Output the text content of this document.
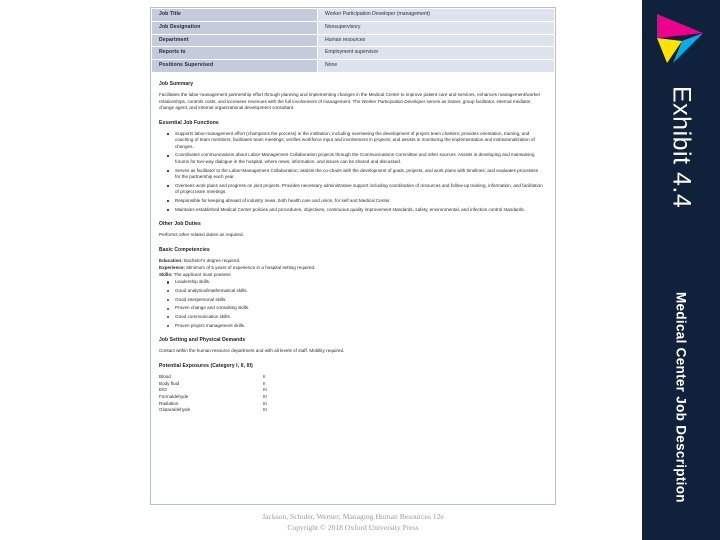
Job Title	Worker Participation Developer (management)
Job Designation	Nonsupervisory
Department	Human resources
Reports to	Employment supervisor
Positions Supervised	None
Job Summary

Facilitates the labor-management partnership effort through planning and implementing changes in the Medical Center to improve patient care and services, enhances management/worker relationships, controls costs, and increases revenues with the full involvement of management. The Worker Participation Developer serves as trainer, group facilitator, internal mediator, change agent, and internal organizational development consultant.

Essential Job Functions
Supports labor-management effort (champions the process) in the institution; including overseeing the development of project team charters; provides orientation, training, and coaching of team members; facilitates team meetings; verifies workforce input and involvement in projects; and assists in monitoring the implementation and institutionalization of changes.
Coordinates communications about Labor-Management Collaboration projects through the Communications Committee and other sources. Assists in developing and maintaining forums for two-way dialogue in the hospital, where news, information, and issues can be shared and discussed.
Serves as facilitator to the Labor-Management Collaboration; assists the co-chairs with the development of goals, projects, and work plans with timelines; and evaluates processes for the partnership each year.
Oversees work plans and progress on joint projects. Provides necessary administrative support including coordination of resources and follow-up training, information, and facilitation of project team meetings.
Responsible for keeping abreast of industry news, both health care and union, for self and Medical Center.
Maintains established Medical Center policies and procedures, objectives, continuous quality improvement standards, safety, environmental, and infection control standards.
Other Job Duties

Performs other related duties as required.

Basic Competencies

Education: Bachelor's degree required.

Experience: Minimum of 5 years of experience in a hospital setting required.

Skills: The applicant must possess

Leadership skills.
Good analytical/mathematical skills.
Good interpersonal skills.
Proven change and consulting skills.
Good communication skills.
Proven project management skills.
Job Setting and Physical Demands

Contact within the human resource department and with all levels of staff. Mobility required.

Potential Exposures (Category I, II, III)
Blood	II
Body fluid	II
EtO	III
Formaldehyde	III
Radiation	III
Glutaraldehyde	III
Jackson, Schuler, Werner; Managing Human Resources 12e
Copyright © 2018 Oxford University Press
Exhibit 4.4
Medical Center Job Description
